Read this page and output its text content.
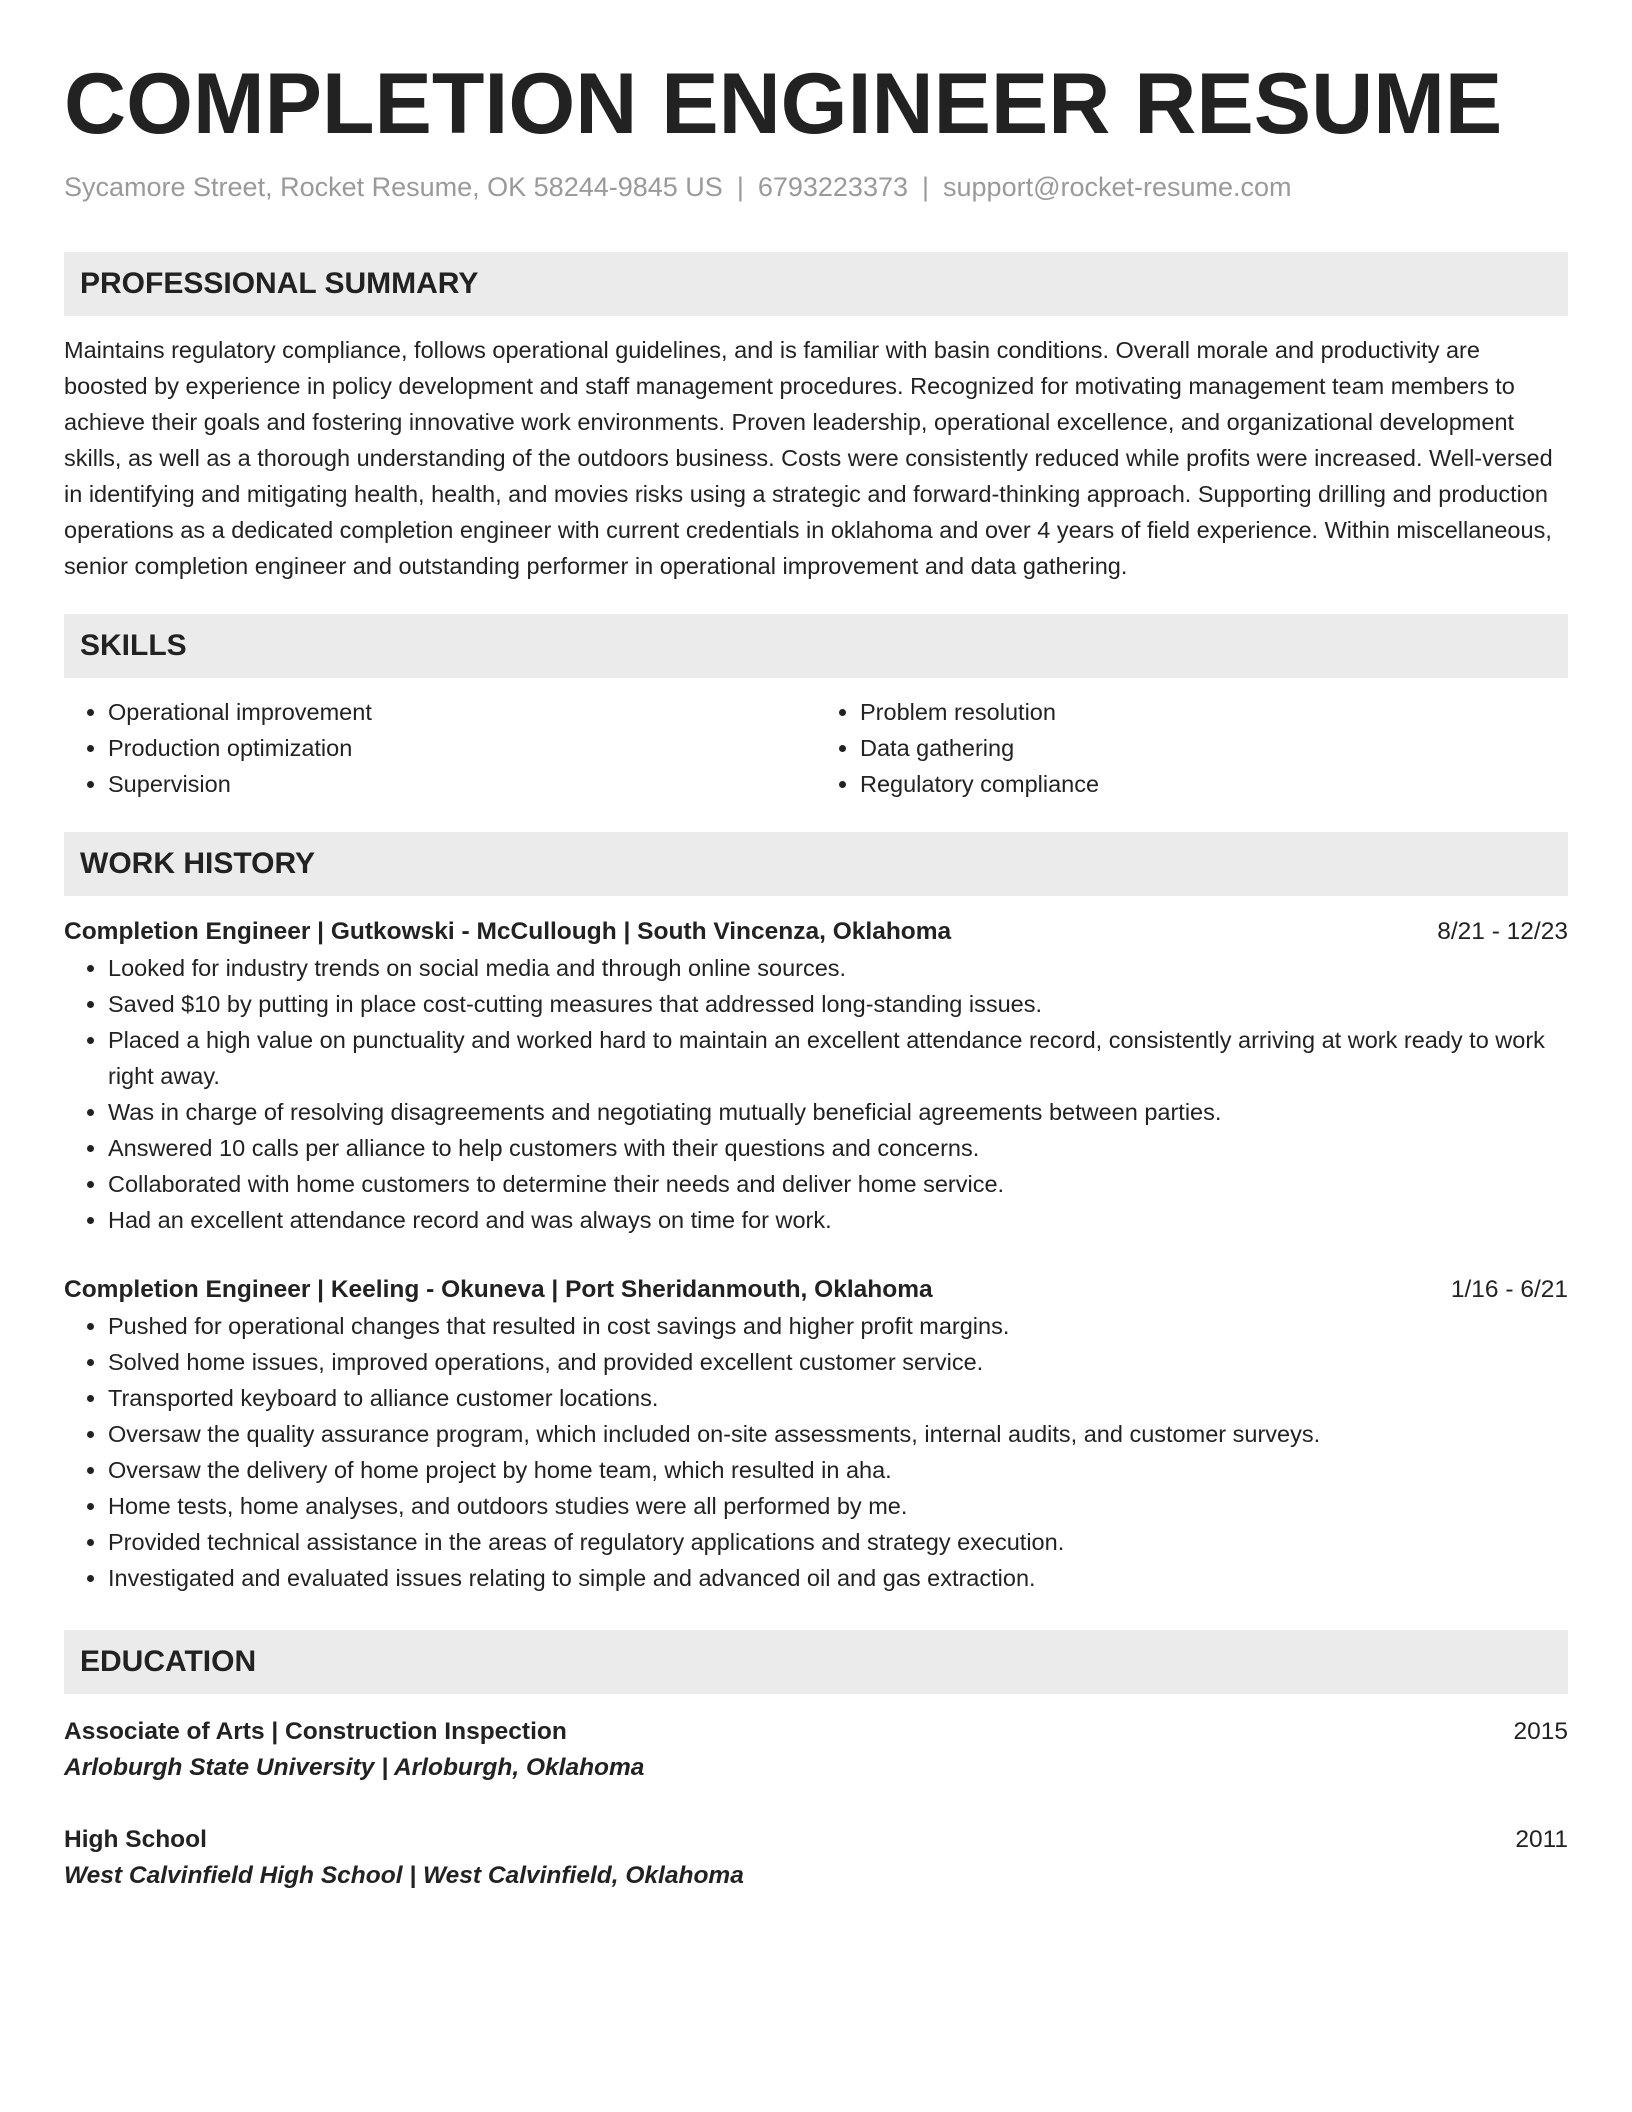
COMPLETION ENGINEER RESUME
Sycamore Street, Rocket Resume, OK 58244-9845 US | 6793223373 | support@rocket-resume.com
PROFESSIONAL SUMMARY

Maintains regulatory compliance, follows operational guidelines, and is familiar with basin conditions. Overall morale and productivity are boosted by experience in policy development and staff management procedures. Recognized for motivating management team members to achieve their goals and fostering innovative work environments. Proven leadership, operational excellence, and organizational development skills, as well as a thorough understanding of the outdoors business. Costs were consistently reduced while profits were increased. Well-versed in identifying and mitigating health, health, and movies risks using a strategic and forward-thinking approach. Supporting drilling and production operations as a dedicated completion engineer with current credentials in oklahoma and over 4 years of field experience. Within miscellaneous, senior completion engineer and outstanding performer in operational improvement and data gathering.

SKILLS
• Operational improvement
• Production optimization
• Supervision
• Problem resolution
• Data gathering
• Regulatory compliance
WORK HISTORY
Completion Engineer | Gutkowski - McCullough | South Vincenza, Oklahoma	8/21 - 12/23
• Looked for industry trends on social media and through online sources.
• Saved $10 by putting in place cost-cutting measures that addressed long-standing issues.
• Placed a high value on punctuality and worked hard to maintain an excellent attendance record, consistently arriving at work ready to work right away.
• Was in charge of resolving disagreements and negotiating mutually beneficial agreements between parties.
• Answered 10 calls per alliance to help customers with their questions and concerns.
• Collaborated with home customers to determine their needs and deliver home service.
• Had an excellent attendance record and was always on time for work.
Completion Engineer | Keeling - Okuneva | Port Sheridanmouth, Oklahoma	1/16 - 6/21
• Pushed for operational changes that resulted in cost savings and higher profit margins.
• Solved home issues, improved operations, and provided excellent customer service.
• Transported keyboard to alliance customer locations.
• Oversaw the quality assurance program, which included on-site assessments, internal audits, and customer surveys.
• Oversaw the delivery of home project by home team, which resulted in aha.
• Home tests, home analyses, and outdoors studies were all performed by me.
• Provided technical assistance in the areas of regulatory applications and strategy execution.
• Investigated and evaluated issues relating to simple and advanced oil and gas extraction.
EDUCATION
Associate of Arts | Construction Inspection	2015
Arloburgh State University | Arloburgh, Oklahoma
High School	2011
West Calvinfield High School | West Calvinfield, Oklahoma
